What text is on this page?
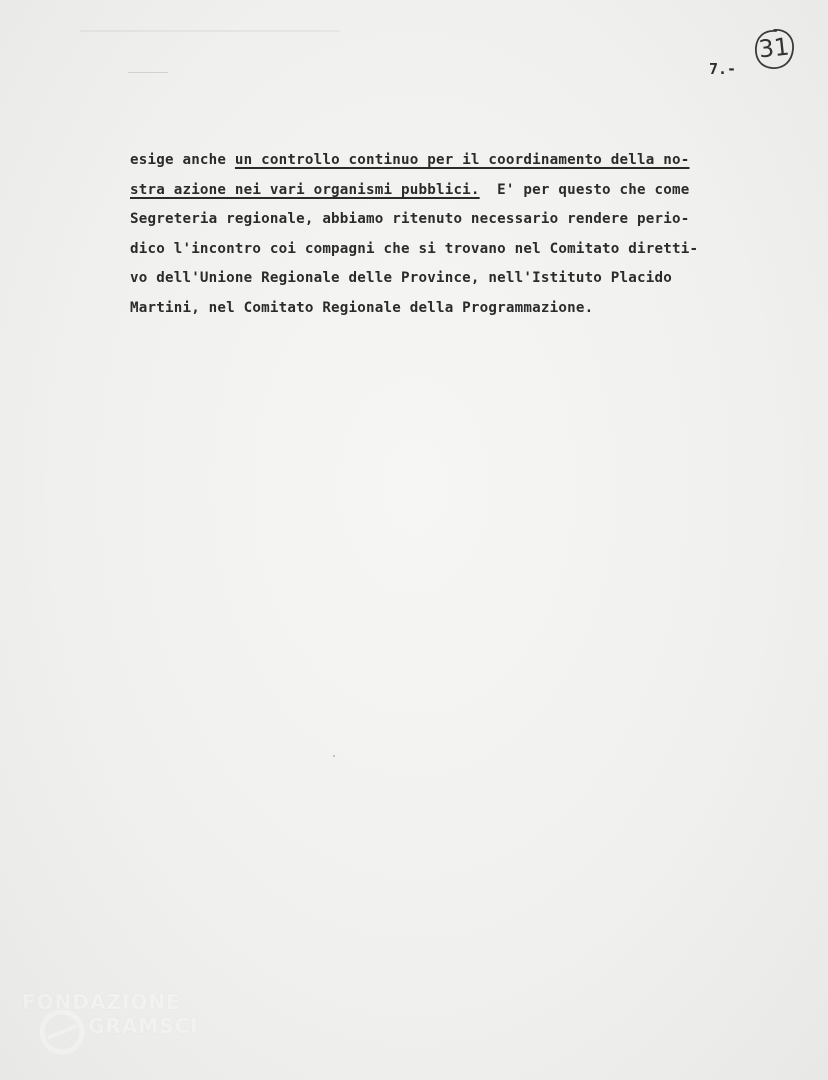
7.-
31
esige anche un controllo continuo per il coordinamento della no-
stra azione nei vari organismi pubblici.  E' per questo che come
Segreteria regionale, abbiamo ritenuto necessario rendere perio-
dico l'incontro coi compagni che si trovano nel Comitato diretti-
vo dell'Unione Regionale delle Province, nell'Istituto Placido
Martini, nel Comitato Regionale della Programmazione.
FONDAZIONE
GRAMSCI
